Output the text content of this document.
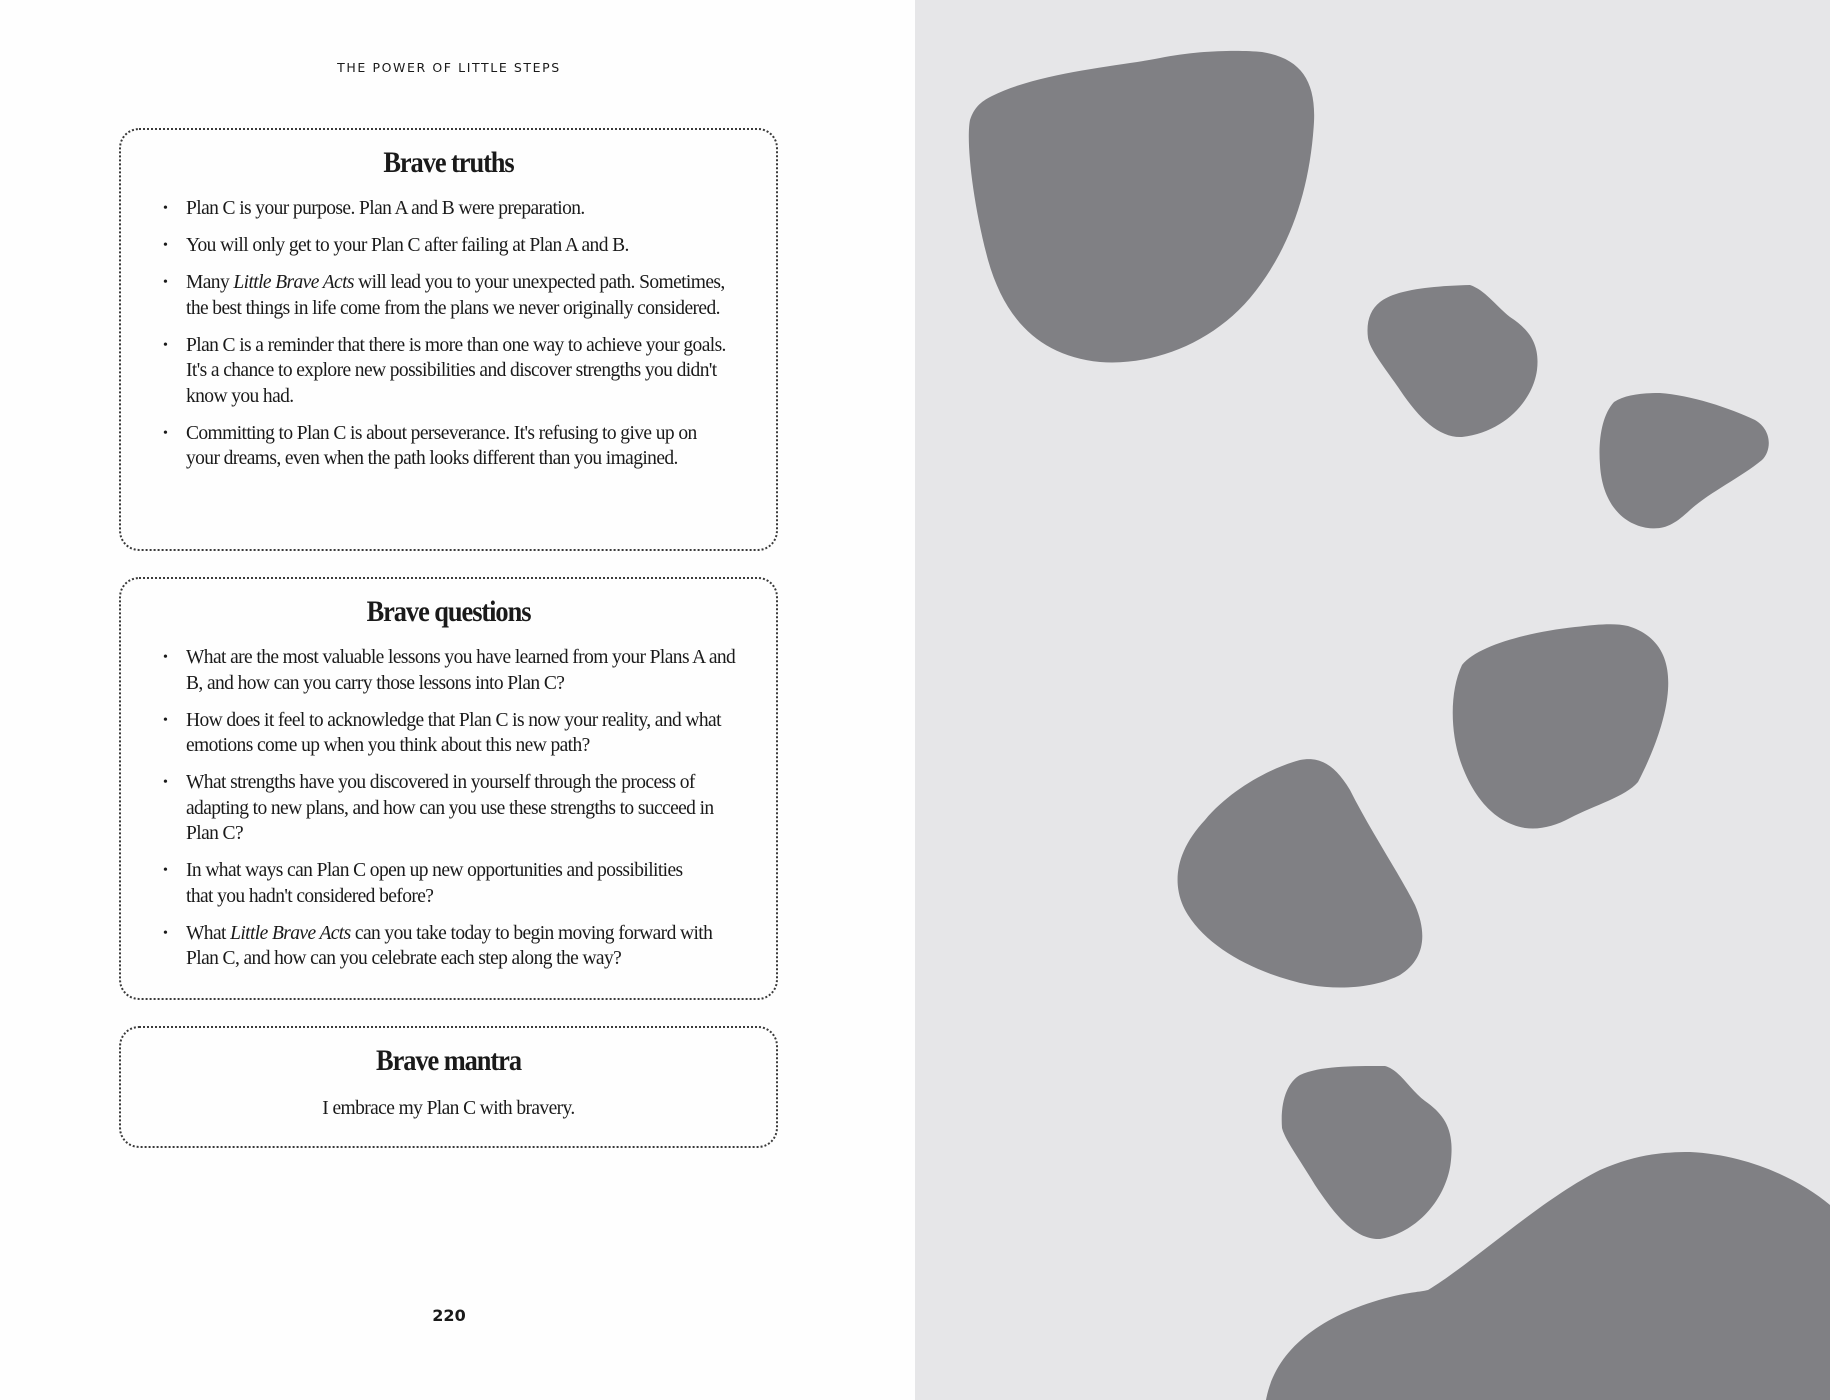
THE POWER OF LITTLE STEPS
Brave truths
• Plan C is your purpose. Plan A and B were preparation.
• You will only get to your Plan C after failing at Plan A and B.
• Many Little Brave Acts will lead you to your unexpected path. Sometimes, the best things in life come from the plans we never originally considered.
• Plan C is a reminder that there is more than one way to achieve your goals. It's a chance to explore new possibilities and discover strengths you didn't know you had.
• Committing to Plan C is about perseverance. It's refusing to give up on your dreams, even when the path looks different than you imagined.
Brave questions
• What are the most valuable lessons you have learned from your Plans A and B, and how can you carry those lessons into Plan C?
• How does it feel to acknowledge that Plan C is now your reality, and what emotions come up when you think about this new path?
• What strengths have you discovered in yourself through the process of adapting to new plans, and how can you use these strengths to succeed in Plan C?
• In what ways can Plan C open up new opportunities and possibilities that you hadn't considered before?
• What Little Brave Acts can you take today to begin moving forward with Plan C, and how can you celebrate each step along the way?
Brave mantra

I embrace my Plan C with bravery.

220
